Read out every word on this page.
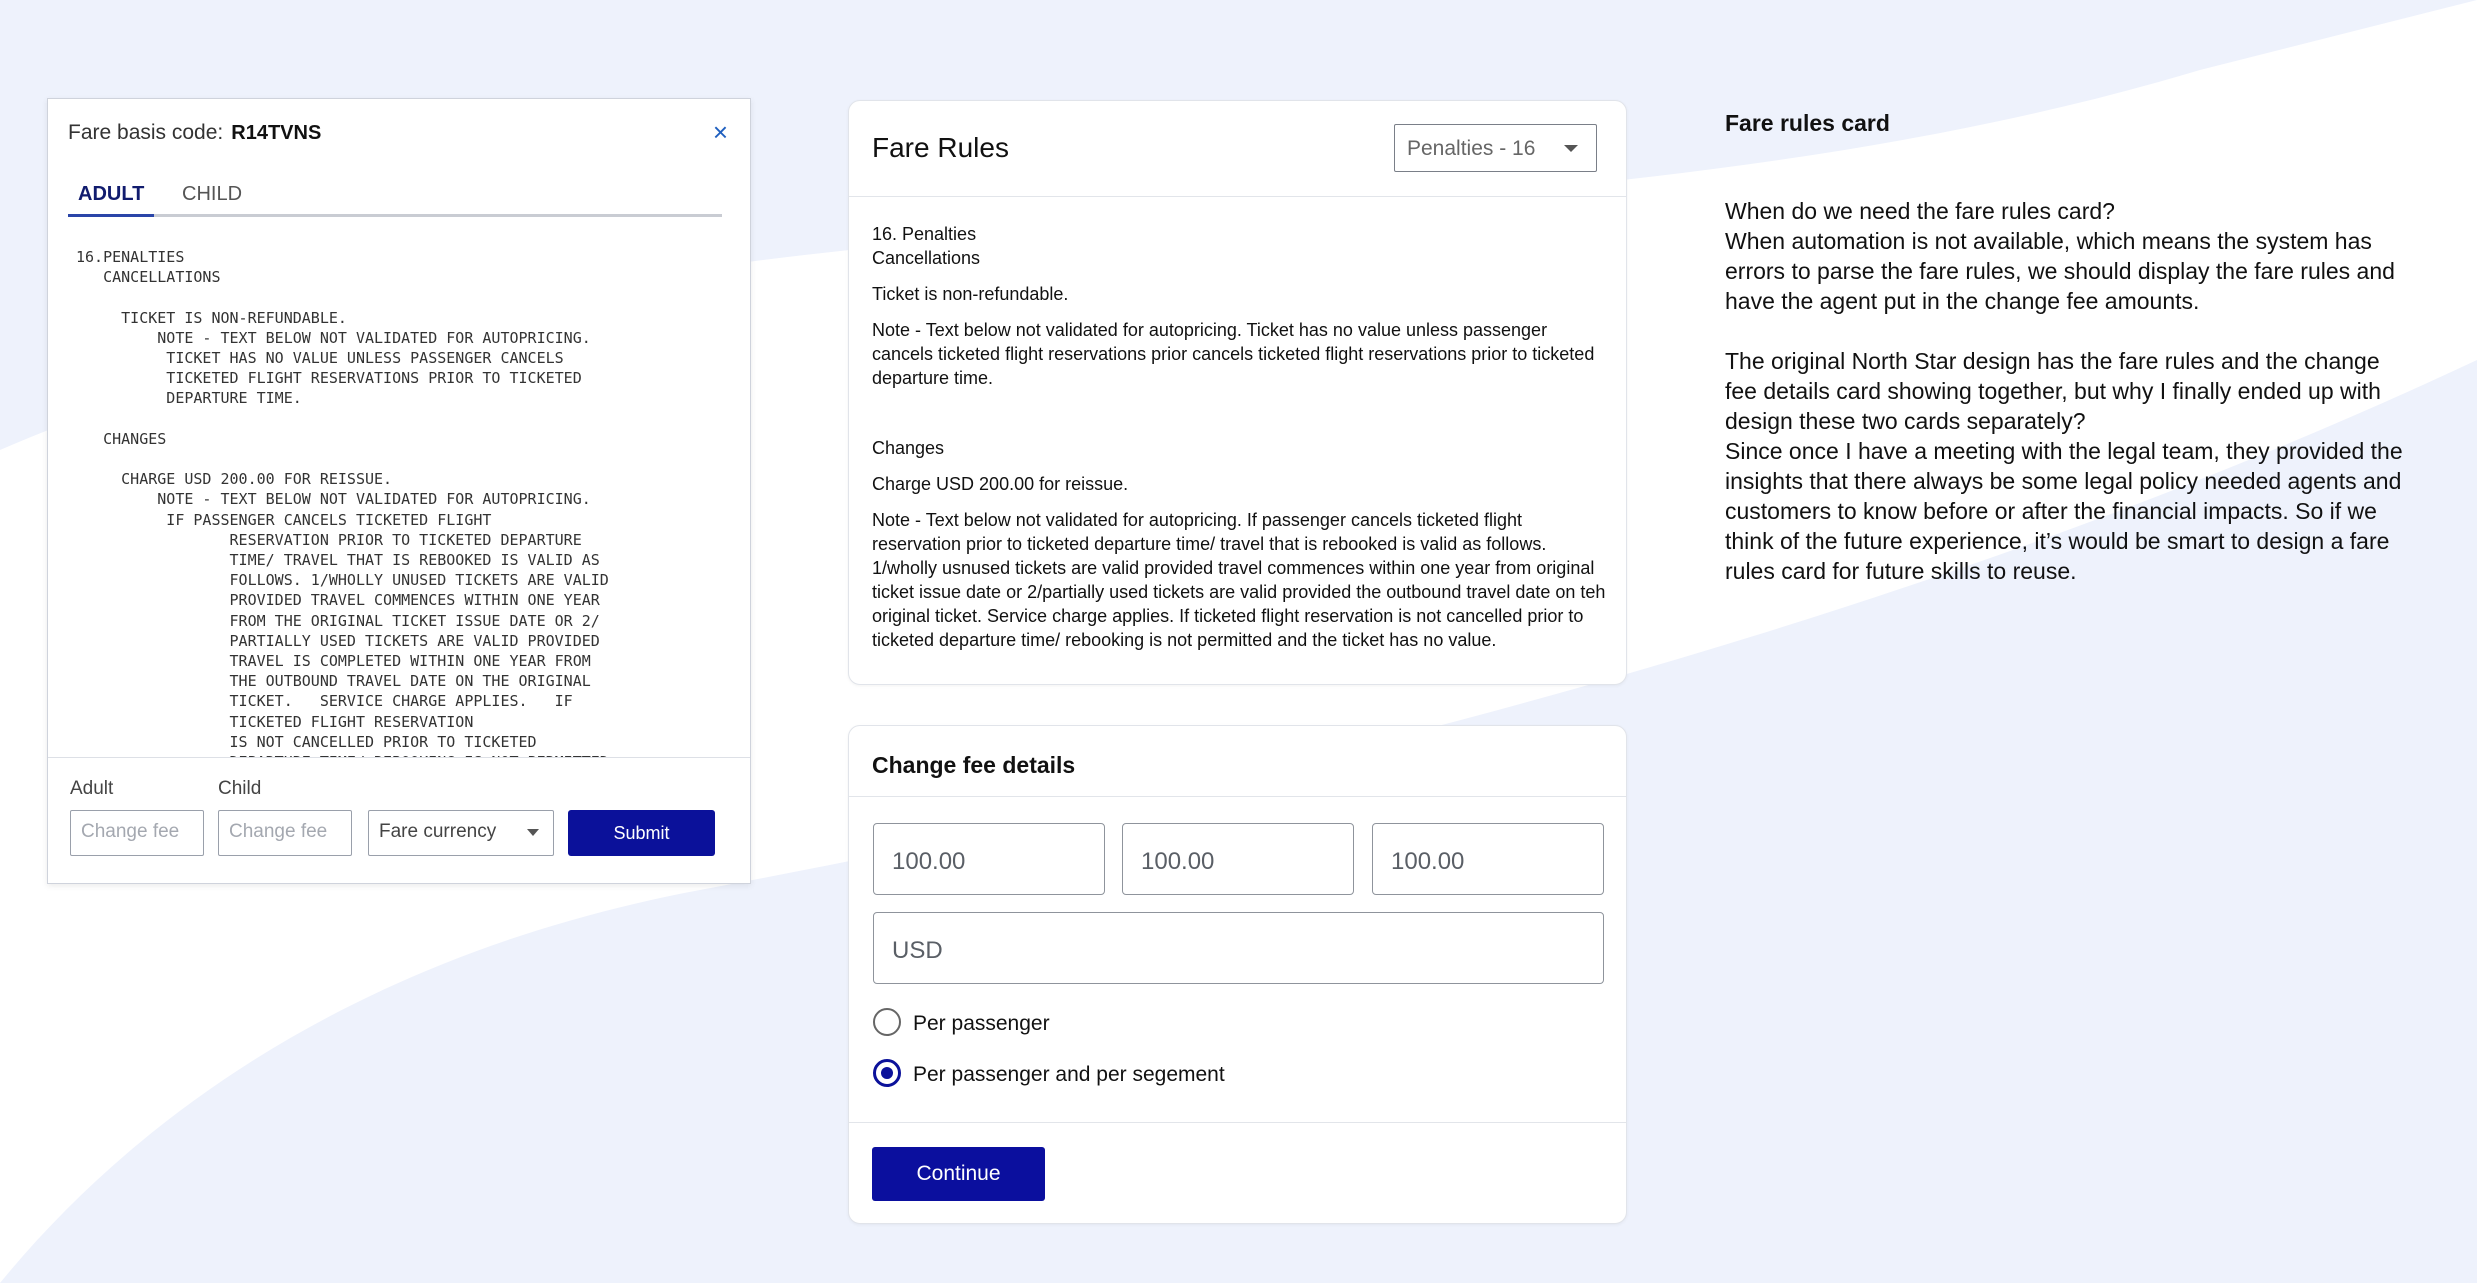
Fare basis code: R14TVNS	×
ADULT	CHILD
16.PENALTIES
CANCELLATIONS

TICKET IS NON-REFUNDABLE.
NOTE - TEXT BELOW NOT VALIDATED FOR AUTOPRICING.
TICKET HAS NO VALUE UNLESS PASSENGER CANCELS
TICKETED FLIGHT RESERVATIONS PRIOR TO TICKETED
DEPARTURE TIME.

CHANGES

CHARGE USD 200.00 FOR REISSUE.
NOTE - TEXT BELOW NOT VALIDATED FOR AUTOPRICING.
IF PASSENGER CANCELS TICKETED FLIGHT
RESERVATION PRIOR TO TICKETED DEPARTURE
TIME/ TRAVEL THAT IS REBOOKED IS VALID AS
FOLLOWS. 1/WHOLLY UNUSED TICKETS ARE VALID
PROVIDED TRAVEL COMMENCES WITHIN ONE YEAR
FROM THE ORIGINAL TICKET ISSUE DATE OR 2/
PARTIALLY USED TICKETS ARE VALID PROVIDED
TRAVEL IS COMPLETED WITHIN ONE YEAR FROM
THE OUTBOUND TRAVEL DATE ON THE ORIGINAL
TICKET.   SERVICE CHARGE APPLIES.   IF
TICKETED FLIGHT RESERVATION
IS NOT CANCELLED PRIOR TO TICKETED

Adult	Child
Change fee	Change fee	Fare currency	Submit
Fare Rules	Penalties - 16

16. Penalties

Cancellations

Ticket is non-refundable.

Note - Text below not validated for autopricing. Ticket has no value unless passenger cancels ticketed flight reservations prior cancels ticketed flight reservations prior to ticketed departure time.

Changes

Charge USD 200.00 for reissue.

Note - Text below not validated for autopricing. If passenger cancels ticketed flight reservation prior to ticketed departure time/ travel that is rebooked is valid as follows. 1/wholly usnused tickets are valid provided travel commences within one year from original ticket issue date or 2/partially used tickets are valid provided the outbound travel date on teh original ticket. Service charge applies. If ticketed flight reservation is not cancelled prior to ticketed departure time/ rebooking is not permitted and the ticket has no value.

Change fee details
100.00	100.00	100.00
USD
Per passenger
Per passenger and per segement
Continue
Fare rules card

When do we need the fare rules card?

When automation is not available, which means the system has errors to parse the fare rules, we should display the fare rules and have the agent put in the change fee amounts.

The original North Star design has the fare rules and the change fee details card showing together, but why I finally ended up with design these two cards separately?

Since once I have a meeting with the legal team, they provided the insights that there always be some legal policy needed agents and customers to know before or after the financial impacts. So if we think of the future experience, it’s would be smart to design a fare rules card for future skills to reuse.
